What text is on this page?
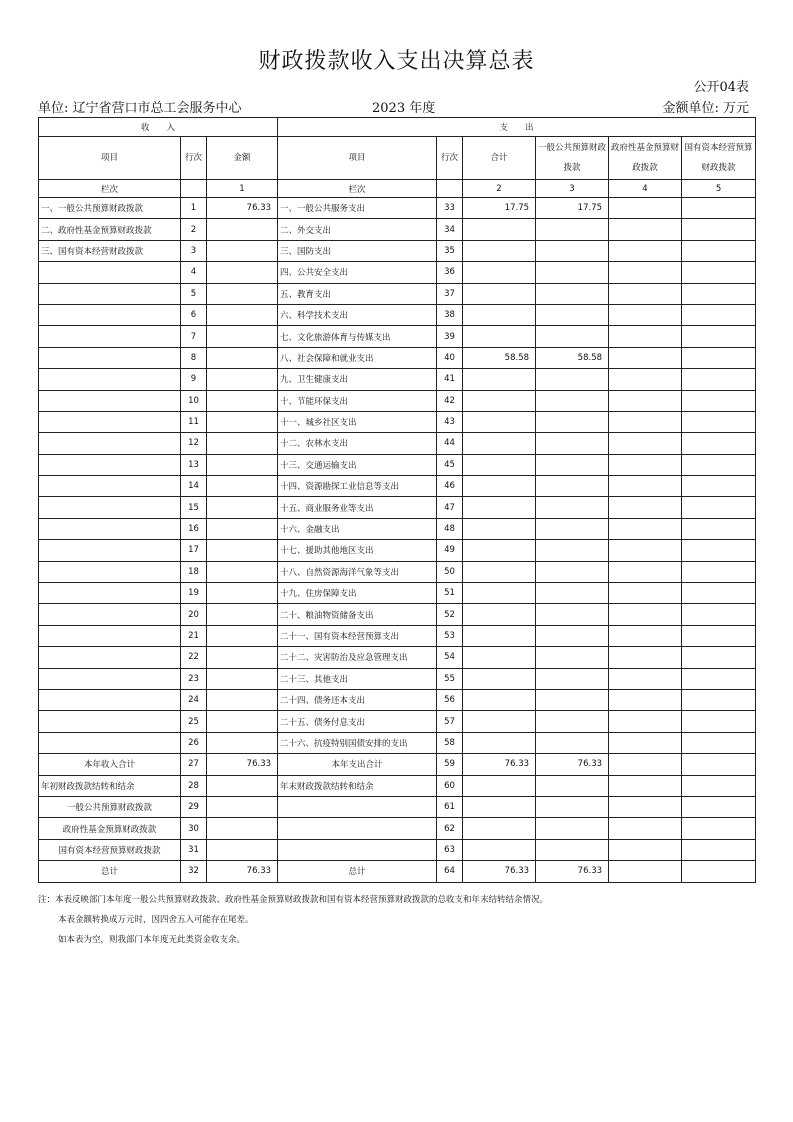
财政拨款收入支出决算总表
公开04表
单位: 辽宁省营口市总工会服务中心	2023 年度	金额单位: 万元
收　　入			支　　出					
项目	行次	金额	项目	行次	合计	一般公共预算财政拨款	政府性基金预算财政拨款	国有资本经营预算财政拨款
栏次		1	栏次		2	3	4	5
一、一般公共预算财政拨款	1	76.33	一、一般公共服务支出	33	17.75	17.75		
二、政府性基金预算财政拨款	2		二、外交支出	34				
三、国有资本经营财政拨款	3		三、国防支出	35				
	4		四、公共安全支出	36				
	5		五、教育支出	37				
	6		六、科学技术支出	38				
	7		七、文化旅游体育与传媒支出	39				
	8		八、社会保障和就业支出	40	58.58	58.58		
	9		九、卫生健康支出	41				
	10		十、节能环保支出	42				
	11		十一、城乡社区支出	43				
	12		十二、农林水支出	44				
	13		十三、交通运输支出	45				
	14		十四、资源勘探工业信息等支出	46				
	15		十五、商业服务业等支出	47				
	16		十六、金融支出	48				
	17		十七、援助其他地区支出	49				
	18		十八、自然资源海洋气象等支出	50				
	19		十九、住房保障支出	51				
	20		二十、粮油物资储备支出	52				
	21		二十一、国有资本经营预算支出	53				
	22		二十二、灾害防治及应急管理支出	54				
	23		二十三、其他支出	55				
	24		二十四、债务还本支出	56				
	25		二十五、债务付息支出	57				
	26		二十六、抗疫特别国债安排的支出	58				
本年收入合计	27	76.33	本年支出合计	59	76.33	76.33		
年初财政拨款结转和结余	28		年末财政拨款结转和结余	60				
一般公共预算财政拨款	29			61				
政府性基金预算财政拨款	30			62				
国有资本经营预算财政拨款	31			63				
总计	32	76.33	总计	64	76.33	76.33		
注：本表反映部门本年度一般公共预算财政拨款、政府性基金预算财政拨款和国有资本经营预算财政拨款的总收支和年末结转结余情况。
本表金额转换成万元时，因四舍五入可能存在尾差。
如本表为空，则我部门本年度无此类资金收支余。
